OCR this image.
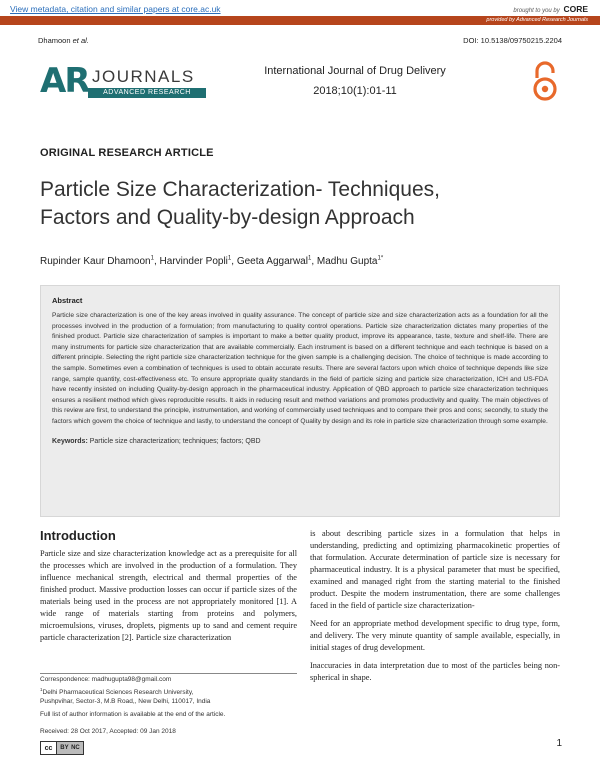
View metadata, citation and similar papers at core.ac.uk	brought to you by CORE
provided by Advanced Research Journals
Dhamoon et al.	DOI: 10.5138/09750215.2204
AR JOURNALS
ADVANCED RESEARCH
International Journal of Drug Delivery
2018;10(1):01-11
ORIGINAL RESEARCH ARTICLE
Particle Size Characterization- Techniques,
Factors and Quality-by-design Approach
Rupinder Kaur Dhamoon$^1$, Harvinder Popli$^1$, Geeta Aggarwal$^1$, Madhu Gupta$^{1*}$
Abstract
Particle size characterization is one of the key areas involved in quality assurance. The concept of particle size and size characterization acts as a foundation for all the processes involved in the production of a formulation; from manufacturing to quality control operations. Particle size characterization dictates many properties of the finished product. Particle size characterization of samples is important to make a better quality product, improve its appearance, taste, texture and shelf-life. There are many instruments for particle size characterization that are available commercially. Each instrument is based on a different technique and each technique is based on a different principle. Selecting the right particle size characterization technique for the given sample is a challenging decision. The choice of technique is made according to the sample. Sometimes even a combination of techniques is used to obtain accurate results. There are several factors upon which choice of technique depends like size range, sample quantity, cost-effectiveness etc. To ensure appropriate quality standards in the field of particle sizing and particle size characterization, ICH and US-FDA have recently insisted on including Quality-by-design approach in the pharmaceutical industry. Application of QBD approach to particle size characterization techniques ensures a resilient method which gives reproducible results. It aids in reducing result and method variations and promotes productivity and quality. The main objectives of this review are first, to understand the principle, instrumentation, and working of commercially used techniques and to compare their pros and cons; secondly, to study the factors which govern the choice of technique and lastly, to understand the concept of Quality by design and its role in particle size characterization through some example.
Keywords: Particle size characterization; techniques; factors; QBD
Introduction

Particle size and size characterization knowledge act as a prerequisite for all the processes which are involved in the production of a formulation. They influence mechanical strength, electrical and thermal properties of the finished product. Massive production losses can occur if particle sizes of the materials being used in the process are not appropriately monitored [1]. A wide range of materials starting from proteins and polymers, microemulsions, viruses, droplets, pigments up to sand and cement require particle characterization [2]. Particle size characterization

is about describing particle sizes in a formulation that helps in understanding, predicting and optimizing pharmacokinetic properties of that formulation. Accurate determination of particle size is necessary for pharmaceutical industry. It is a physical parameter that must be specified, examined and managed right from the starting material to the finished product. Despite the modern instrumentation, there are some challenges faced in the field of particle size characterization-

Need for an appropriate method development specific to drug type, form, and delivery. The very minute quantity of sample available, especially, in initial stages of drug development.

Inaccuracies in data interpretation due to most of the particles being non-spherical in shape.

Correspondence: madhugupta98@gmail.com
$^1$Delhi Pharmaceutical Sciences Research University,
Pushpvihar, Sector-3, M.B Road,, New Delhi, 110017, India
Full list of author information is available at the end of the article.
Received: 28 Oct 2017, Accepted: 09 Jan 2018
cc	BY NC	1
